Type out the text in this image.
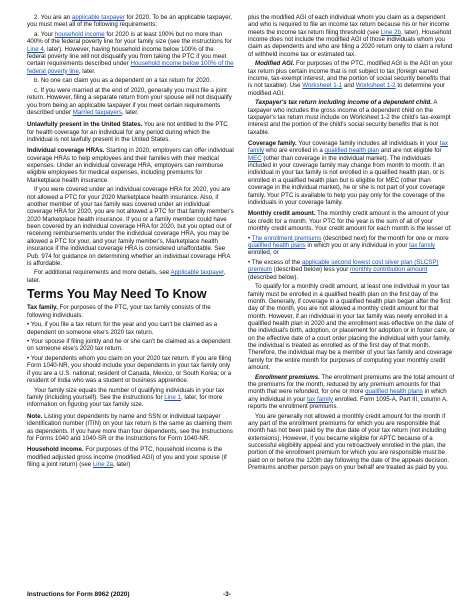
2. You are an applicable taxpayer for 2020. To be an applicable taxpayer, you must meet all of the following requirements:

a. Your household income for 2020 is at least 100% but no more than 400% of the federal poverty line for your family size (see the instructions for Line 4, later). However, having household income below 100% of the federal poverty line will not disqualify you from taking the PTC if you meet certain requirements described under Household income below 100% of the federal poverty line, later.

b. No one can claim you as a dependent on a tax return for 2020.

c. If you were married at the end of 2020, generally you must file a joint return. However, filing a separate return from your spouse will not disqualify you from being an applicable taxpayer if you meet certain requirements described under Married taxpayers, later.

Unlawfully present in the United States. You are not entitled to the PTC for health coverage for an individual for any period during which the individual is not lawfully present in the United States.

Individual coverage HRAs. Starting in 2020, employers can offer individual coverage HRAs to help employees and their families with their medical expenses. Under an individual coverage HRA, employers can reimburse eligible employees for medical expenses, including premiums for Marketplace health insurance.

If you were covered under an individual coverage HRA for 2020, you are not allowed a PTC for your 2020 Marketplace health insurance. Also, if another member of your tax family was covered under an individual coverage HRA for 2020, you are not allowed a PTC for that family member's 2020 Marketplace health insurance. If you or a family member could have been covered by an individual coverage HRA for 2020, but you opted out of receiving reimbursements under the individual coverage HRA, you may be allowed a PTC for your, and your family member's, Marketplace health insurance if the individual coverage HRA is considered unaffordable. See Pub. 974 for guidance on determining whether an individual coverage HRA is affordable.

For additional requirements and more details, see Applicable taxpayer, later.

Terms You May Need To Know

Tax family. For purposes of the PTC, your tax family consists of the following individuals.

• You, if you file a tax return for the year and you can't be claimed as a dependent on someone else's 2020 tax return.

• Your spouse if filing jointly and he or she can't be claimed as a dependent on someone else's 2020 tax return.

• Your dependents whom you claim on your 2020 tax return. If you are filing Form 1040-NR, you should include your dependents in your tax family only if you are a U.S. national; resident of Canada, Mexico, or South Korea; or a resident of India who was a student or business apprentice.

Your family size equals the number of qualifying individuals in your tax family (including yourself). See the instructions for Line 1, later, for more information on figuring your tax family size.

Note. Listing your dependents by name and SSN or individual taxpayer identification number (ITIN) on your tax return is the same as claiming them as dependents. If you have more than four dependents, see the Instructions for Forms 1040 and 1040-SR or the Instructions for Form 1040-NR.

Household income. For purposes of the PTC, household income is the modified adjusted gross income (modified AGI) of you and your spouse (if filing a joint return) (see Line 2a, later)

plus the modified AGI of each individual whom you claim as a dependent and who is required to file an income tax return because his or her income meets the income tax return filing threshold (see Line 2b, later). Household income does not include the modified AGI of those individuals whom you claim as dependents and who are filing a 2020 return only to claim a refund of withheld income tax or estimated tax.

Modified AGI. For purposes of the PTC, modified AGI is the AGI on your tax return plus certain income that is not subject to tax (foreign earned income, tax-exempt interest, and the portion of social security benefits that is not taxable). Use Worksheet 1-1 and Worksheet 1-2 to determine your modified AGI.

Taxpayer's tax return including income of a dependent child. A taxpayer who includes the gross income of a dependent child on the taxpayer's tax return must include on Worksheet 1-2 the child's tax-exempt interest and the portion of the child's social security benefits that is not taxable.

Coverage family. Your coverage family includes all individuals in your tax family who are enrolled in a qualified health plan and are not eligible for MEC (other than coverage in the individual market). The individuals included in your coverage family may change from month to month. If an individual in your tax family is not enrolled in a qualified health plan, or is enrolled in a qualified health plan but is eligible for MEC (other than coverage in the individual market), he or she is not part of your coverage family. Your PTC is available to help you pay only for the coverage of the individuals in your coverage family.

Monthly credit amount. The monthly credit amount is the amount of your tax credit for a month. Your PTC for the year is the sum of all of your monthly credit amounts. Your credit amount for each month is the lesser of:

• The enrollment premiums (described next) for the month for one or more qualified health plans in which you or any individual in your tax family enrolled, or

• The excess of the applicable second lowest cost silver plan (SLCSP) premium (described below) less your monthly contribution amount (described below).

To qualify for a monthly credit amount, at least one individual in your tax family must be enrolled in a qualified health plan on the first day of the month. Generally, if coverage in a qualified health plan began after the first day of the month, you are not allowed a monthly credit amount for that month. However, if an individual in your tax family was newly enrolled in a qualified health plan in 2020 and the enrollment was effective on the date of the individual's birth, adoption, or placement for adoption or in foster care, or on the effective date of a court order placing the individual with your family, the individual is treated as enrolled as of the first day of that month. Therefore, the individual may be a member of your tax family and coverage family for the entire month for purposes of computing your monthly credit amount.

Enrollment premiums. The enrollment premiums are the total amount of the premiums for the month, reduced by any premium amounts for that month that were refunded, for one or more qualified health plans in which any individual in your tax family enrolled. Form 1095-A, Part III, column A, reports the enrollment premiums.

You are generally not allowed a monthly credit amount for the month if any part of the enrollment premiums for which you are responsible that month has not been paid by the due date of your tax return (not including extensions). However, if you became eligible for APTC because of a successful eligibility appeal and you retroactively enrolled in the plan, the portion of the enrollment premium for which you are responsible must be paid on or before the 120th day following the date of the appeals decision. Premiums another person pays on your behalf are treated as paid by you.

Instructions for Form 8962 (2020)	-3-
